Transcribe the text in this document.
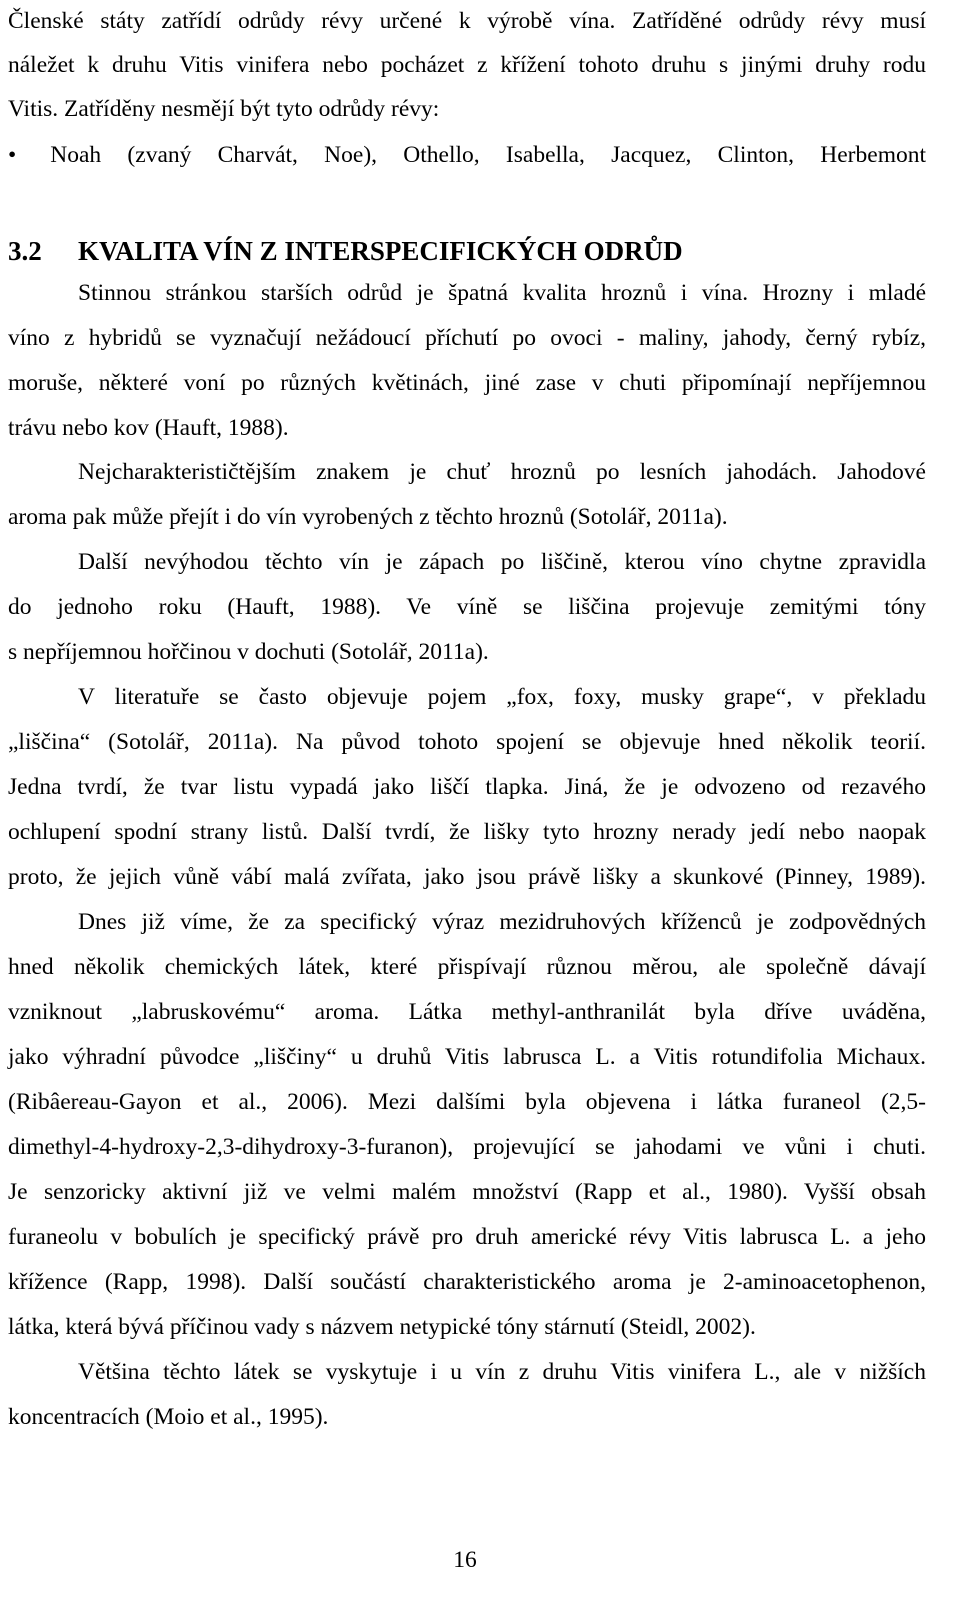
Členské státy zatřídí odrůdy révy určené k výrobě vína. Zatříděné odrůdy révy musí
náležet k druhu Vitis vinifera nebo pocházet z křížení tohoto druhu s jinými druhy rodu
Vitis. Zatříděny nesmějí být tyto odrůdy révy:
• Noah (zvaný Charvát, Noe), Othello, Isabella, Jacquez, Clinton, Herbemont
3.2 KVALITA VÍN Z INTERSPECIFICKÝCH ODRŮD
Stinnou stránkou starších odrůd je špatná kvalita hroznů i vína. Hrozny i mladé
víno z hybridů se vyznačují nežádoucí příchutí po ovoci - maliny, jahody, černý rybíz,
moruše, některé voní po různých květinách, jiné zase v chuti připomínají nepříjemnou
trávu nebo kov (Hauft, 1988).
Nejcharakterističtějším znakem je chuť hroznů po lesních jahodách. Jahodové
aroma pak může přejít i do vín vyrobených z těchto hroznů (Sotolář, 2011a).
Další nevýhodou těchto vín je zápach po liščině, kterou víno chytne zpravidla
do jednoho roku (Hauft, 1988). Ve víně se liščina projevuje zemitými tóny
s nepříjemnou hořčinou v dochuti (Sotolář, 2011a).
V literatuře se často objevuje pojem „fox, foxy, musky grape“, v překladu
„liščina“ (Sotolář, 2011a). Na původ tohoto spojení se objevuje hned několik teorií.
Jedna tvrdí, že tvar listu vypadá jako liščí tlapka. Jiná, že je odvozeno od rezavého
ochlupení spodní strany listů. Další tvrdí, že lišky tyto hrozny nerady jedí nebo naopak
proto, že jejich vůně vábí malá zvířata, jako jsou právě lišky a skunkové (Pinney, 1989).
Dnes již víme, že za specifický výraz mezidruhových kříženců je zodpovědných
hned několik chemických látek, které přispívají různou měrou, ale společně dávají
vzniknout „labruskovému“ aroma. Látka methyl-anthranilát byla dříve uváděna,
jako výhradní původce „liščiny“ u druhů Vitis labrusca L. a Vitis rotundifolia Michaux.
(Ribâereau-Gayon et al., 2006). Mezi dalšími byla objevena i látka furaneol (2,5-
dimethyl-4-hydroxy-2,3-dihydroxy-3-furanon), projevující se jahodami ve vůni i chuti.
Je senzoricky aktivní již ve velmi malém množství (Rapp et al., 1980). Vyšší obsah
furaneolu v bobulích je specifický právě pro druh americké révy Vitis labrusca L. a jeho
křížence (Rapp, 1998). Další součástí charakteristického aroma je 2-aminoacetophenon,
látka, která bývá příčinou vady s názvem netypické tóny stárnutí (Steidl, 2002).
Většina těchto látek se vyskytuje i u vín z druhu Vitis vinifera L., ale v nižších
koncentracích (Moio et al., 1995).
16
